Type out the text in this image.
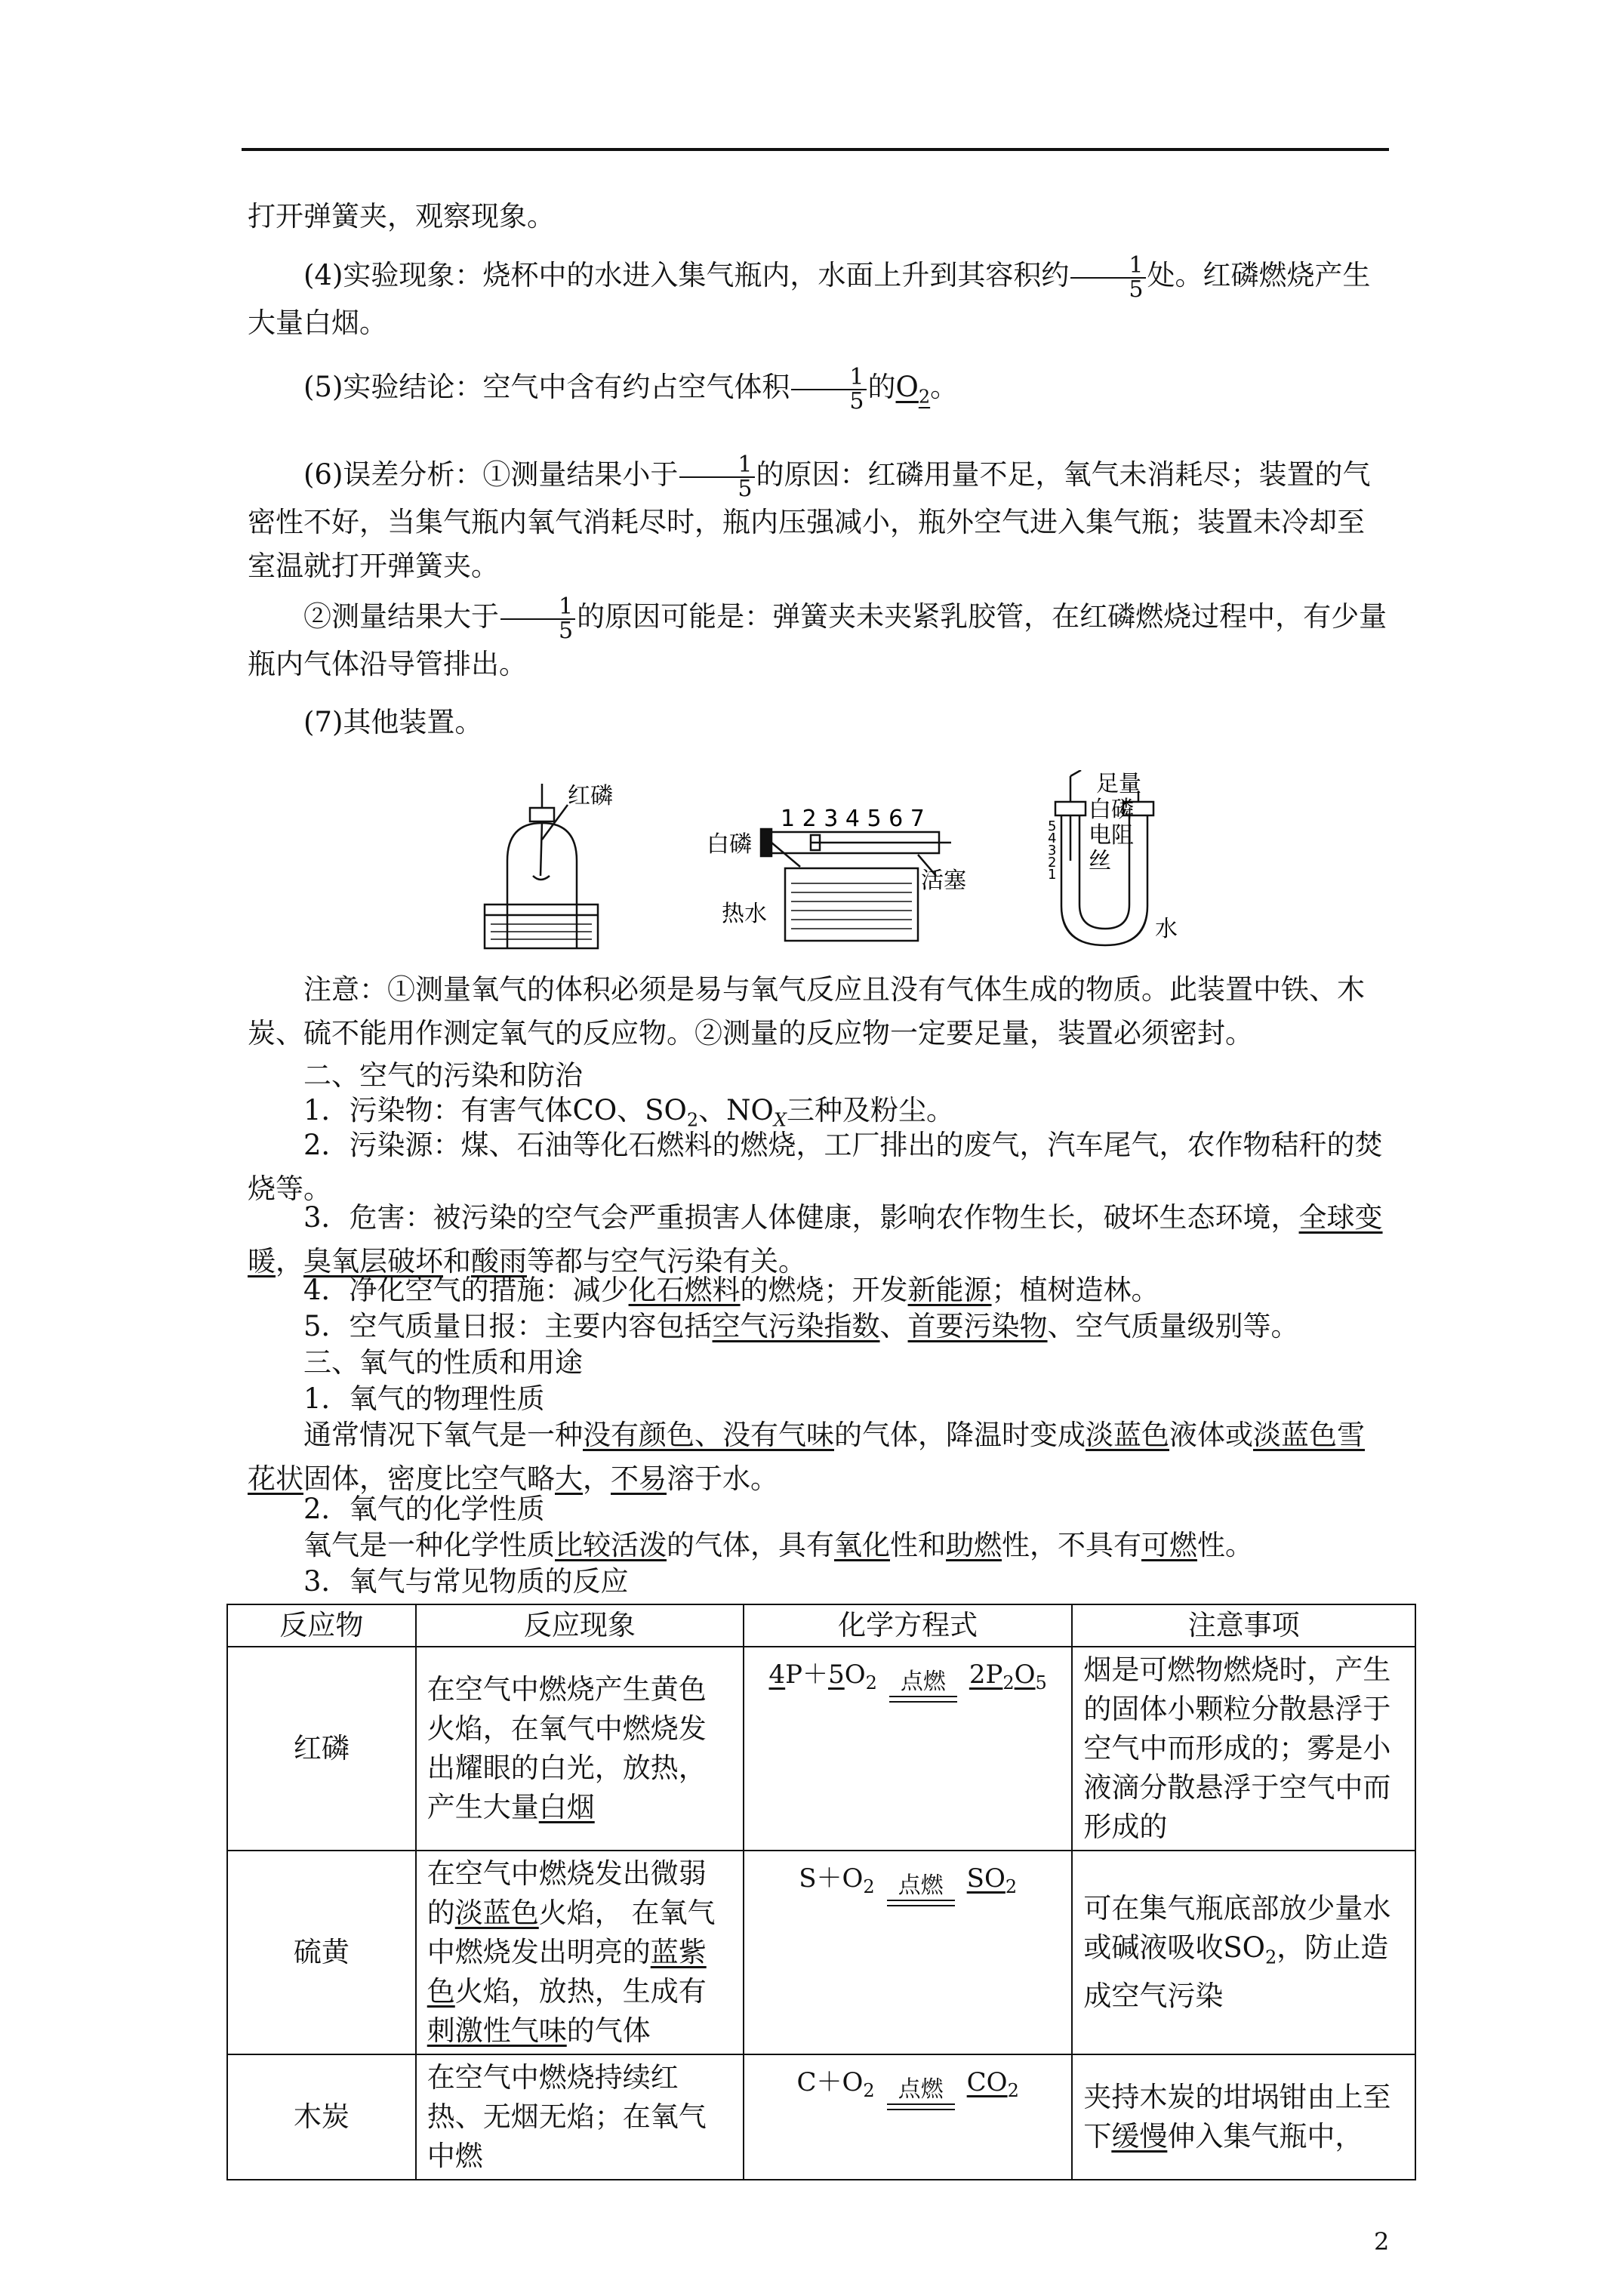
打开弹簧夹，观察现象。

(4)实验现象：烧杯中的水进入集气瓶内，水面上升到其容积约 $\frac{1}{5}$ 处。红磷燃烧产生大量白烟。

(5)实验结论：空气中含有约占空气体积 $\frac{1}{5}$ 的$O_2$。

(6)误差分析：①测量结果小于 $\frac{1}{5}$ 的原因：红磷用量不足，氧气未消耗尽；装置的气密性不好，当集气瓶内氧气消耗尽时，瓶内压强减小，瓶外空气进入集气瓶；装置未冷却至室温就打开弹簧夹。

②测量结果大于 $\frac{1}{5}$ 的原因可能是：弹簧夹未夹紧乳胶管，在红磷燃烧过程中，有少量瓶内气体沿导管排出。

(7)其他装置。

红磷
白磷
1 2 3 4 5 6 7
活塞
热水
足量
白磷
电阻
丝
5
4
3
2
1
水

注意：①测量氧气的体积必须是易与氧气反应且没有气体生成的物质。此装置中铁、木炭、硫不能用作测定氧气的反应物。②测量的反应物一定要足量，装置必须密封。

二、空气的污染和防治

1．污染物：有害气体CO、$SO_2$、$NO_X$三种及粉尘。

2．污染源：煤、石油等化石燃料的燃烧，工厂排出的废气，汽车尾气，农作物秸秆的焚烧等。

3．危害：被污染的空气会严重损害人体健康，影响农作物生长，破坏生态环境，全球变暖，臭氧层破坏和酸雨等都与空气污染有关。

4．净化空气的措施：减少化石燃料的燃烧；开发新能源；植树造林。

5．空气质量日报：主要内容包括空气污染指数、首要污染物、空气质量级别等。

三、氧气的性质和用途

1．氧气的物理性质

通常情况下氧气是一种没有颜色、没有气味的气体，降温时变成淡蓝色液体或淡蓝色雪花状固体，密度比空气略大，不易溶于水。

2．氧气的化学性质

氧气是一种化学性质比较活泼的气体，具有氧化性和助燃性，不具有可燃性。

3．氧气与常见物质的反应

反应物	反应现象	化学方程式	注意事项
红磷	在空气中燃烧产生黄色火焰，在氧气中燃烧发出耀眼的白光，放热，产生大量白烟	$4P+5O_2$ 点燃 $2P_2O_5$	烟是可燃物燃烧时，产生的固体小颗粒分散悬浮于空气中而形成的；雾是小液滴分散悬浮于空气中而形成的
硫黄	在空气中燃烧发出微弱的淡蓝色火焰， 在氧气中燃烧发出明亮的蓝紫色火焰，放热，生成有刺激性气味的气体	$S+O_2$ 点燃 $SO_2$	可在集气瓶底部放少量水或碱液吸收$SO_2$，防止造成空气污染
木炭	在空气中燃烧持续红热、无烟无焰；在氧气中燃	$C+O_2$ 点燃 $CO_2$	夹持木炭的坩埚钳由上至下缓慢伸入集气瓶中，
2
